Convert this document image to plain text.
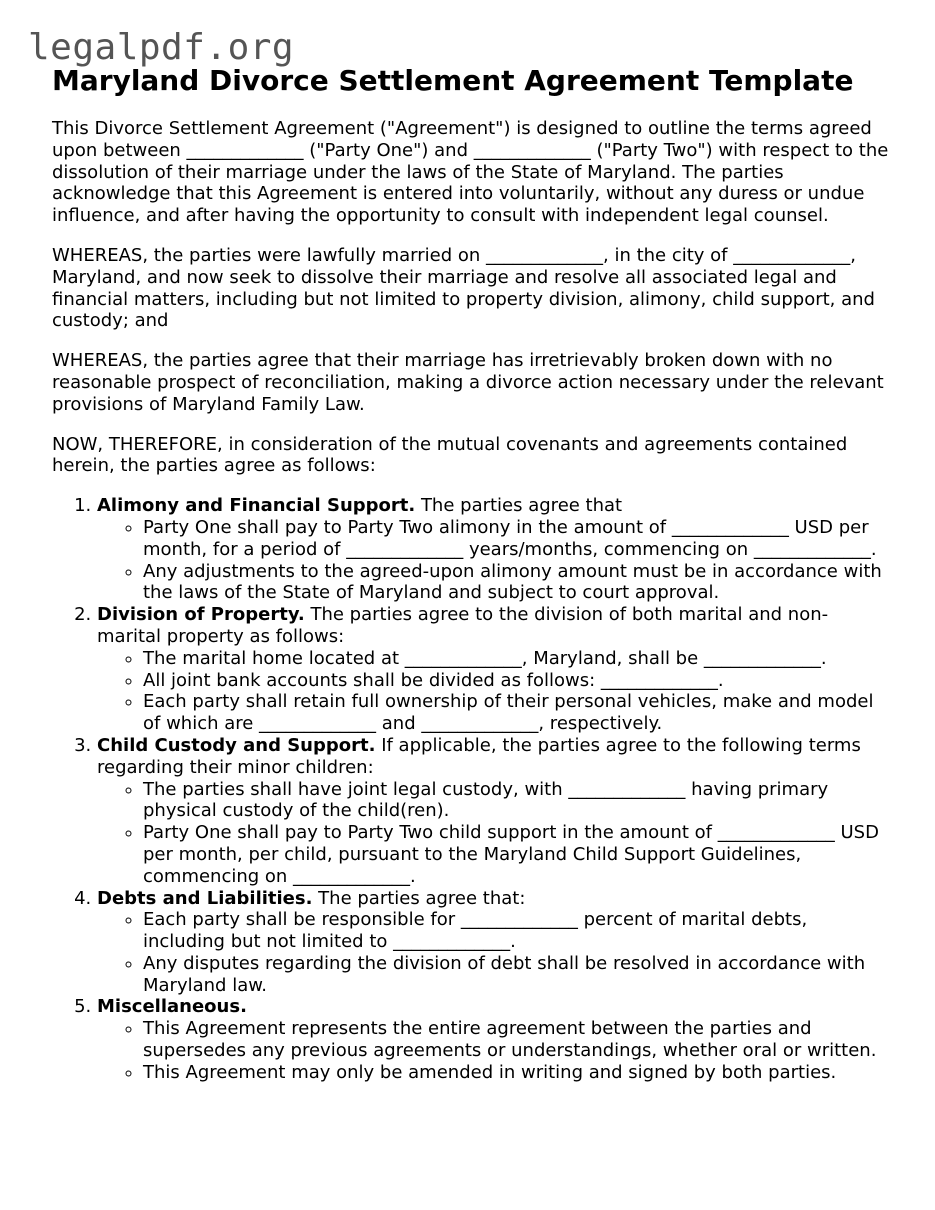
legalpdf.org
Maryland Divorce Settlement Agreement Template

This Divorce Settlement Agreement ("Agreement") is designed to outline the terms agreed upon between _____________ ("Party One") and _____________ ("Party Two") with respect to the dissolution of their marriage under the laws of the State of Maryland. The parties acknowledge that this Agreement is entered into voluntarily, without any duress or undue influence, and after having the opportunity to consult with independent legal counsel.

WHEREAS, the parties were lawfully married on _____________, in the city of _____________, Maryland, and now seek to dissolve their marriage and resolve all associated legal and financial matters, including but not limited to property division, alimony, child support, and custody; and

WHEREAS, the parties agree that their marriage has irretrievably broken down with no reasonable prospect of reconciliation, making a divorce action necessary under the relevant provisions of Maryland Family Law.

NOW, THEREFORE, in consideration of the mutual covenants and agreements contained herein, the parties agree as follows:

1. Alimony and Financial Support. The parties agree that
◦ Party One shall pay to Party Two alimony in the amount of _____________ USD per month, for a period of _____________ years/months, commencing on _____________.
◦ Any adjustments to the agreed-upon alimony amount must be in accordance with the laws of the State of Maryland and subject to court approval.
2. Division of Property. The parties agree to the division of both marital and non-marital property as follows:
◦ The marital home located at _____________, Maryland, shall be _____________.
◦ All joint bank accounts shall be divided as follows: _____________.
◦ Each party shall retain full ownership of their personal vehicles, make and model of which are _____________ and _____________, respectively.
3. Child Custody and Support. If applicable, the parties agree to the following terms regarding their minor children:
◦ The parties shall have joint legal custody, with _____________ having primary physical custody of the child(ren).
◦ Party One shall pay to Party Two child support in the amount of _____________ USD per month, per child, pursuant to the Maryland Child Support Guidelines, commencing on _____________.
4. Debts and Liabilities. The parties agree that:
◦ Each party shall be responsible for _____________ percent of marital debts, including but not limited to _____________.
◦ Any disputes regarding the division of debt shall be resolved in accordance with Maryland law.
5. Miscellaneous.
◦ This Agreement represents the entire agreement between the parties and supersedes any previous agreements or understandings, whether oral or written.
◦ This Agreement may only be amended in writing and signed by both parties.
